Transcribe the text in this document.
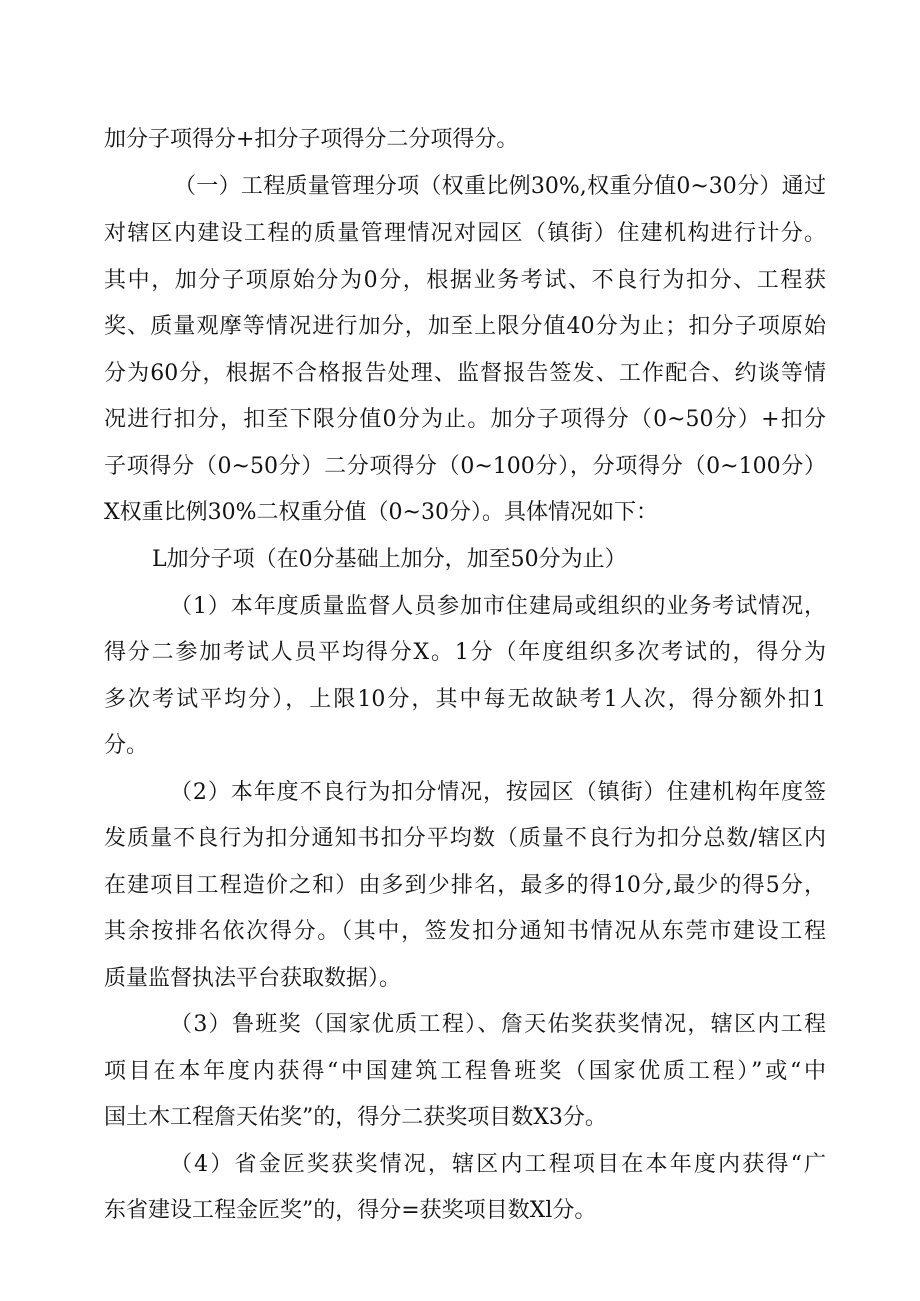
加分子项得分+扣分子项得分二分项得分。
（一）工程质量管理分项（权重比例30%,权重分值0~30分）通过
对辖区内建设工程的质量管理情况对园区（镇街）住建机构进行计分。
其中，加分子项原始分为0分，根据业务考试、不良行为扣分、工程获
奖、质量观摩等情况进行加分，加至上限分值40分为止；扣分子项原始
分为60分，根据不合格报告处理、监督报告签发、工作配合、约谈等情
况进行扣分，扣至下限分值0分为止。加分子项得分（0~50分）+扣分
子项得分（0~50分）二分项得分（0~100分），分项得分（0~100分）
X权重比例30%二权重分值（0~30分）。具体情况如下：
L加分子项（在0分基础上加分，加至50分为止）
（1）本年度质量监督人员参加市住建局或组织的业务考试情况，
得分二参加考试人员平均得分X。1分（年度组织多次考试的，得分为
多次考试平均分），上限10分，其中每无故缺考1人次，得分额外扣1
分。
（2）本年度不良行为扣分情况，按园区（镇街）住建机构年度签
发质量不良行为扣分通知书扣分平均数（质量不良行为扣分总数/辖区内
在建项目工程造价之和）由多到少排名，最多的得10分,最少的得5分，
其余按排名依次得分。（其中，签发扣分通知书情况从东莞市建设工程
质量监督执法平台获取数据）。
（3）鲁班奖（国家优质工程）、詹天佑奖获奖情况，辖区内工程
项目在本年度内获得“中国建筑工程鲁班奖（国家优质工程）”或“中
国土木工程詹天佑奖”的，得分二获奖项目数X3分。
（4）省金匠奖获奖情况，辖区内工程项目在本年度内获得“广
东省建设工程金匠奖”的，得分=获奖项目数Xl分。
